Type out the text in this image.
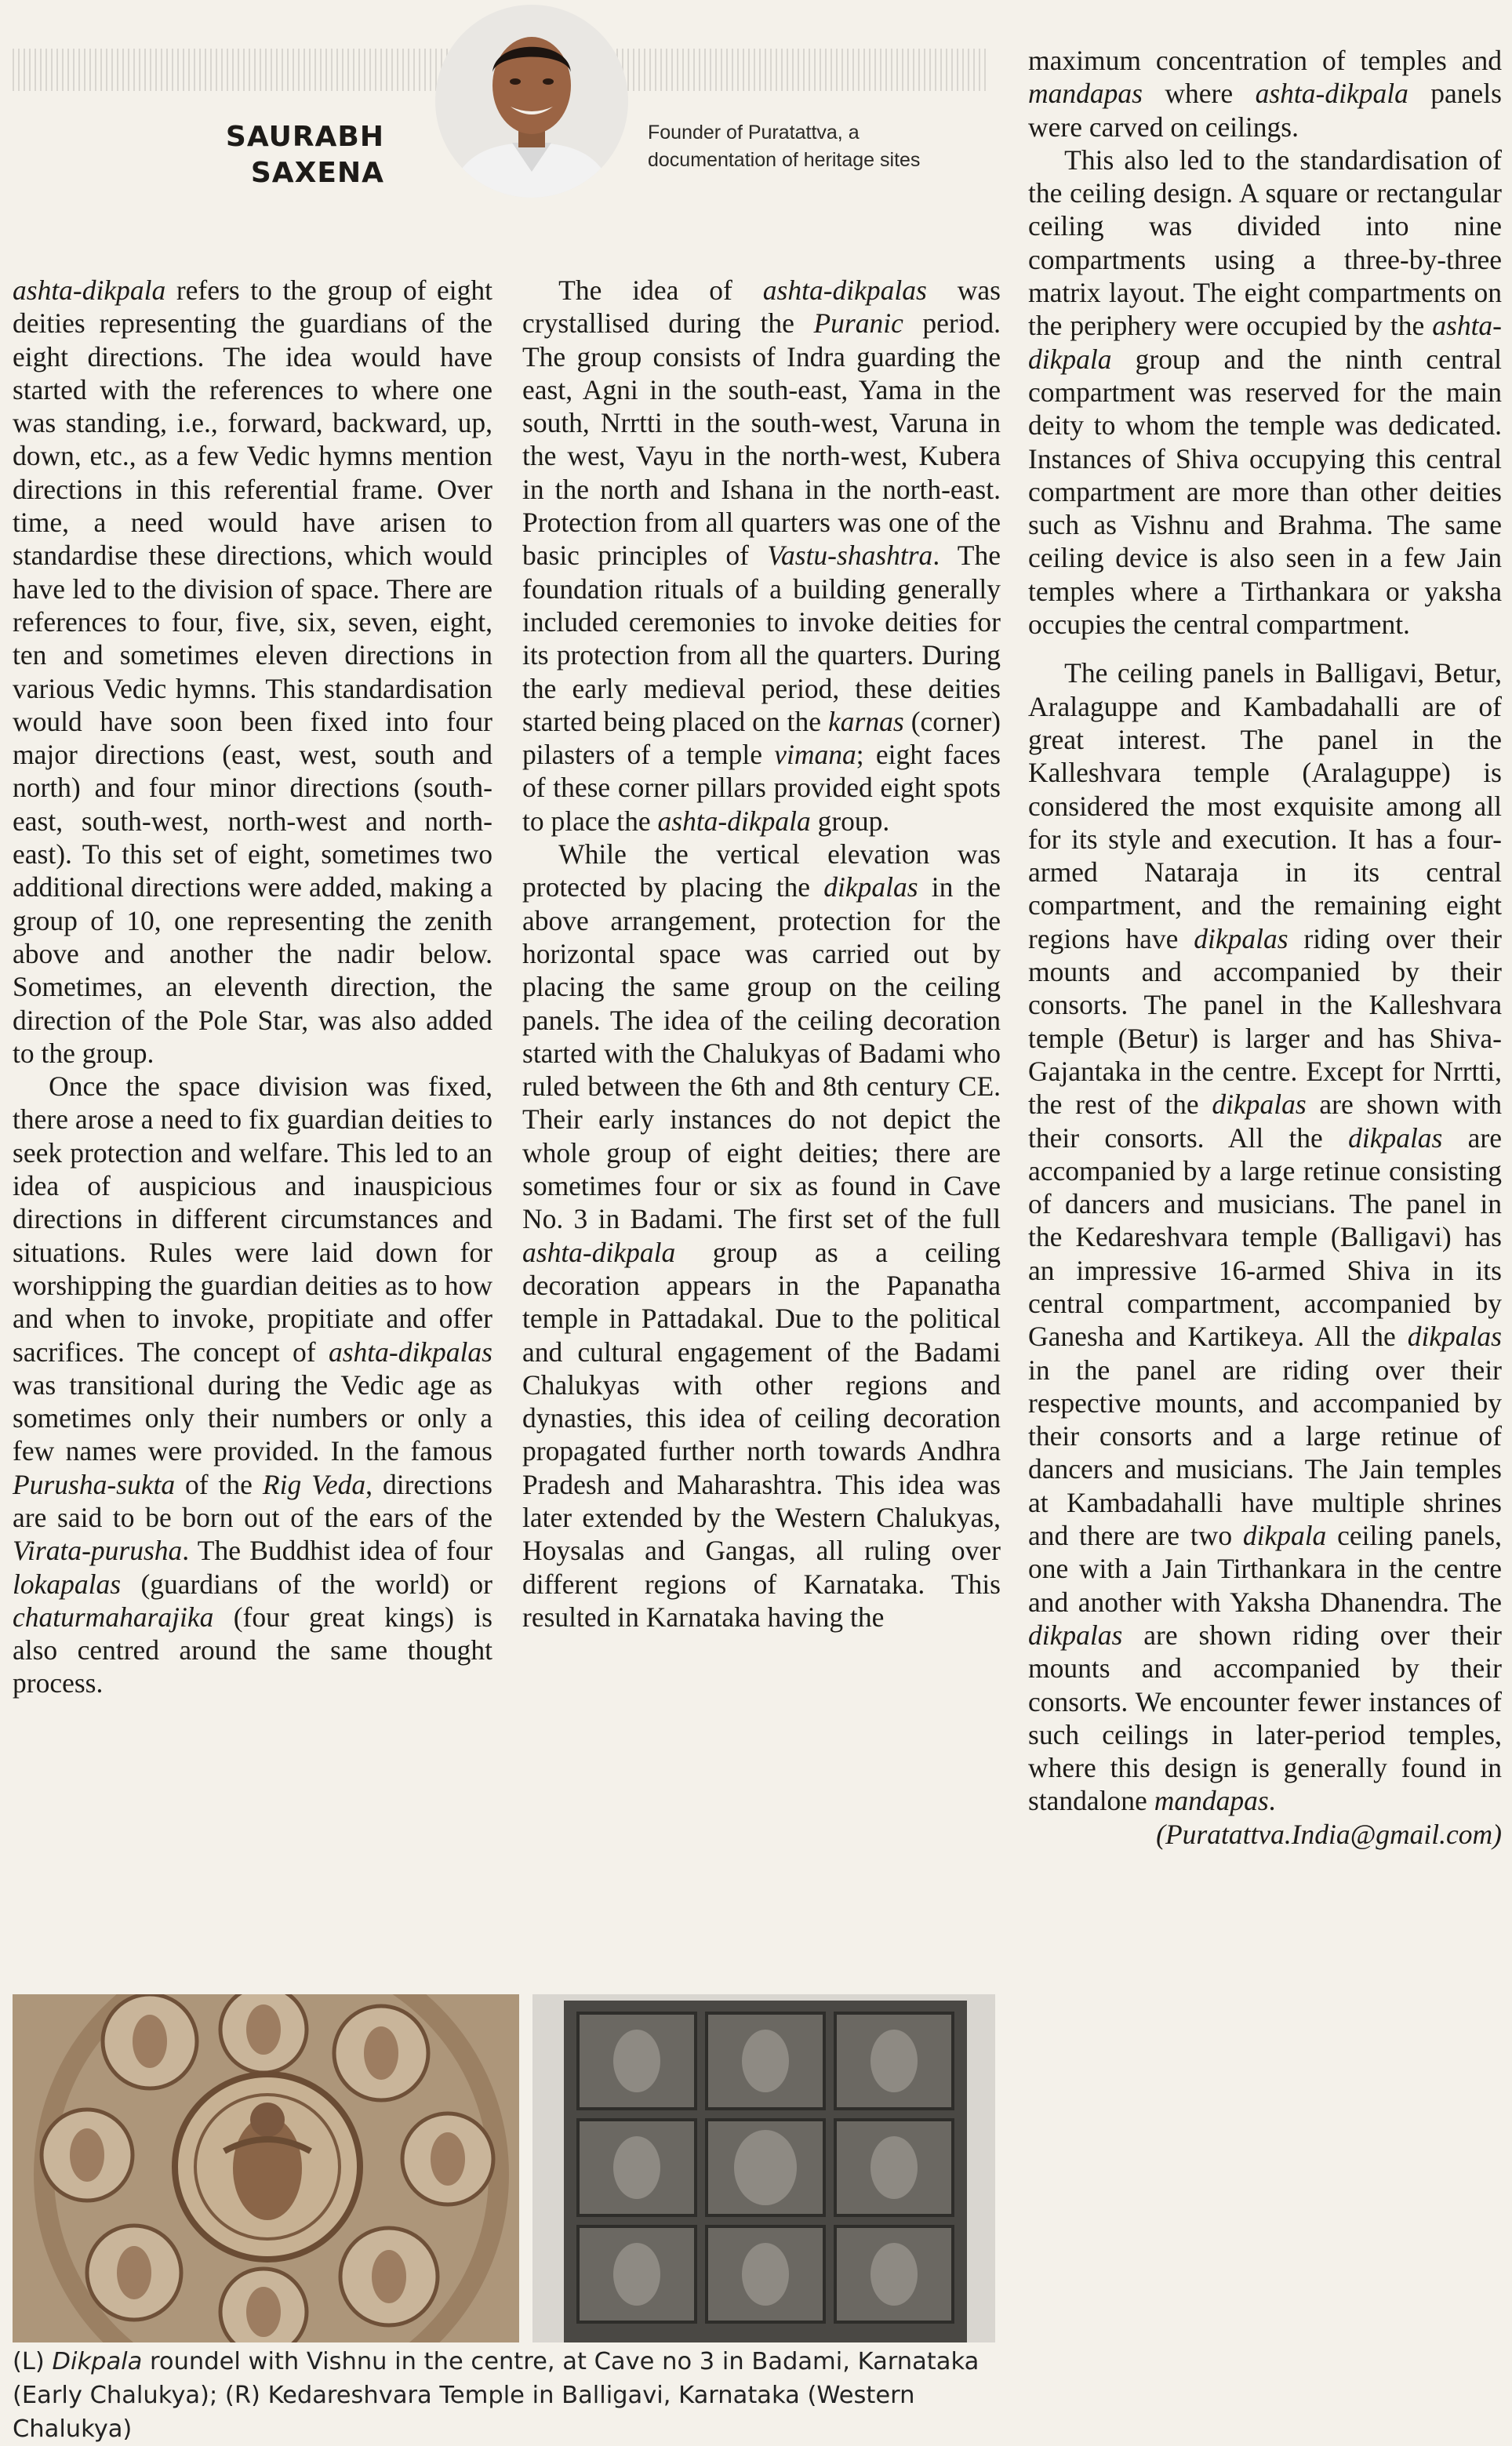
SAURABH
SAXENA
Founder of Puratattva, a
documentation of heritage sites

ashta-dikpala refers to the group of eight deities representing the guardians of the eight directions. The idea would have started with the references to where one was standing, i.e., forward, backward, up, down, etc., as a few Vedic hymns mention directions in this referential frame. Over time, a need would have arisen to standardise these directions, which would have led to the division of space. There are references to four, five, six, seven, eight, ten and sometimes eleven directions in various Vedic hymns. This standardisation would have soon been fixed into four major directions (east, west, south and north) and four minor directions (south-east, south-west, north-west and north-east). To this set of eight, sometimes two additional directions were added, making a group of 10, one representing the zenith above and another the nadir below. Sometimes, an eleventh direction, the direction of the Pole Star, was also added to the group.

Once the space division was fixed, there arose a need to fix guardian deities to seek protection and welfare. This led to an idea of auspicious and inauspicious directions in different circumstances and situations. Rules were laid down for worshipping the guardian deities as to how and when to invoke, propitiate and offer sacrifices. The concept of ashta-dikpalas was transitional during the Vedic age as sometimes only their numbers or only a few names were provided. In the famous Purusha-sukta of the Rig Veda, directions are said to be born out of the ears of the Virata-purusha. The Buddhist idea of four lokapalas (guardians of the world) or chaturmaharajika (four great kings) is also centred around the same thought process.

The idea of ashta-dikpalas was crystallised during the Puranic period. The group consists of Indra guarding the east, Agni in the south-east, Yama in the south, Nrrtti in the south-west, Varuna in the west, Vayu in the north-west, Kubera in the north and Ishana in the north-east. Protection from all quarters was one of the basic principles of Vastu-shashtra. The foundation rituals of a building generally included ceremonies to invoke deities for its protection from all the quarters. During the early medieval period, these deities started being placed on the karnas (corner) pilasters of a temple vimana; eight faces of these corner pillars provided eight spots to place the ashta-dikpala group.

While the vertical elevation was protected by placing the dikpalas in the above arrangement, protection for the horizontal space was carried out by placing the same group on the ceiling panels. The idea of the ceiling decoration started with the Chalukyas of Badami who ruled between the 6th and 8th century CE. Their early instances do not depict the whole group of eight deities; there are sometimes four or six as found in Cave No. 3 in Badami. The first set of the full ashta-dikpala group as a ceiling decoration appears in the Papanatha temple in Pattadakal. Due to the political and cultural engagement of the Badami Chalukyas with other regions and dynasties, this idea of ceiling decoration propagated further north towards Andhra Pradesh and Maharashtra. This idea was later extended by the Western Chalukyas, Hoysalas and Gangas, all ruling over different regions of Karnataka. This resulted in Karnataka having the

maximum concentration of temples and mandapas where ashta-dikpala panels were carved on ceilings.

This also led to the standardisation of the ceiling design. A square or rectangular ceiling was divided into nine compartments using a three-by-three matrix layout. The eight compartments on the periphery were occupied by the ashta-dikpala group and the ninth central compartment was reserved for the main deity to whom the temple was dedicated. Instances of Shiva occupying this central compartment are more than other deities such as Vishnu and Brahma. The same ceiling device is also seen in a few Jain temples where a Tirthankara or yaksha occupies the central compartment.

The ceiling panels in Balligavi, Betur, Aralaguppe and Kambadahalli are of great interest. The panel in the Kalleshvara temple (Aralaguppe) is considered the most exquisite among all for its style and execution. It has a four-armed Nataraja in its central compartment, and the remaining eight regions have dikpalas riding over their mounts and accompanied by their consorts. The panel in the Kalleshvara temple (Betur) is larger and has Shiva-Gajantaka in the centre. Except for Nrrtti, the rest of the dikpalas are shown with their consorts. All the dikpalas are accompanied by a large retinue consisting of dancers and musicians. The panel in the Kedareshvara temple (Balligavi) has an impressive 16-armed Shiva in its central compartment, accompanied by Ganesha and Kartikeya. All the dikpalas in the panel are riding over their respective mounts, and accompanied by their consorts and a large retinue of dancers and musicians. The Jain temples at Kambadahalli have multiple shrines and there are two dikpala ceiling panels, one with a Jain Tirthankara in the centre and another with Yaksha Dhanendra. The dikpalas are shown riding over their mounts and accompanied by their consorts. We encounter fewer instances of such ceilings in later-period temples, where this design is generally found in standalone mandapas.

(Puratattva.India@gmail.com)

(L) Dikpala roundel with Vishnu in the centre, at Cave no 3 in Badami, Karnataka
(Early Chalukya); (R) Kedareshvara Temple in Balligavi, Karnataka (Western Chalukya)
